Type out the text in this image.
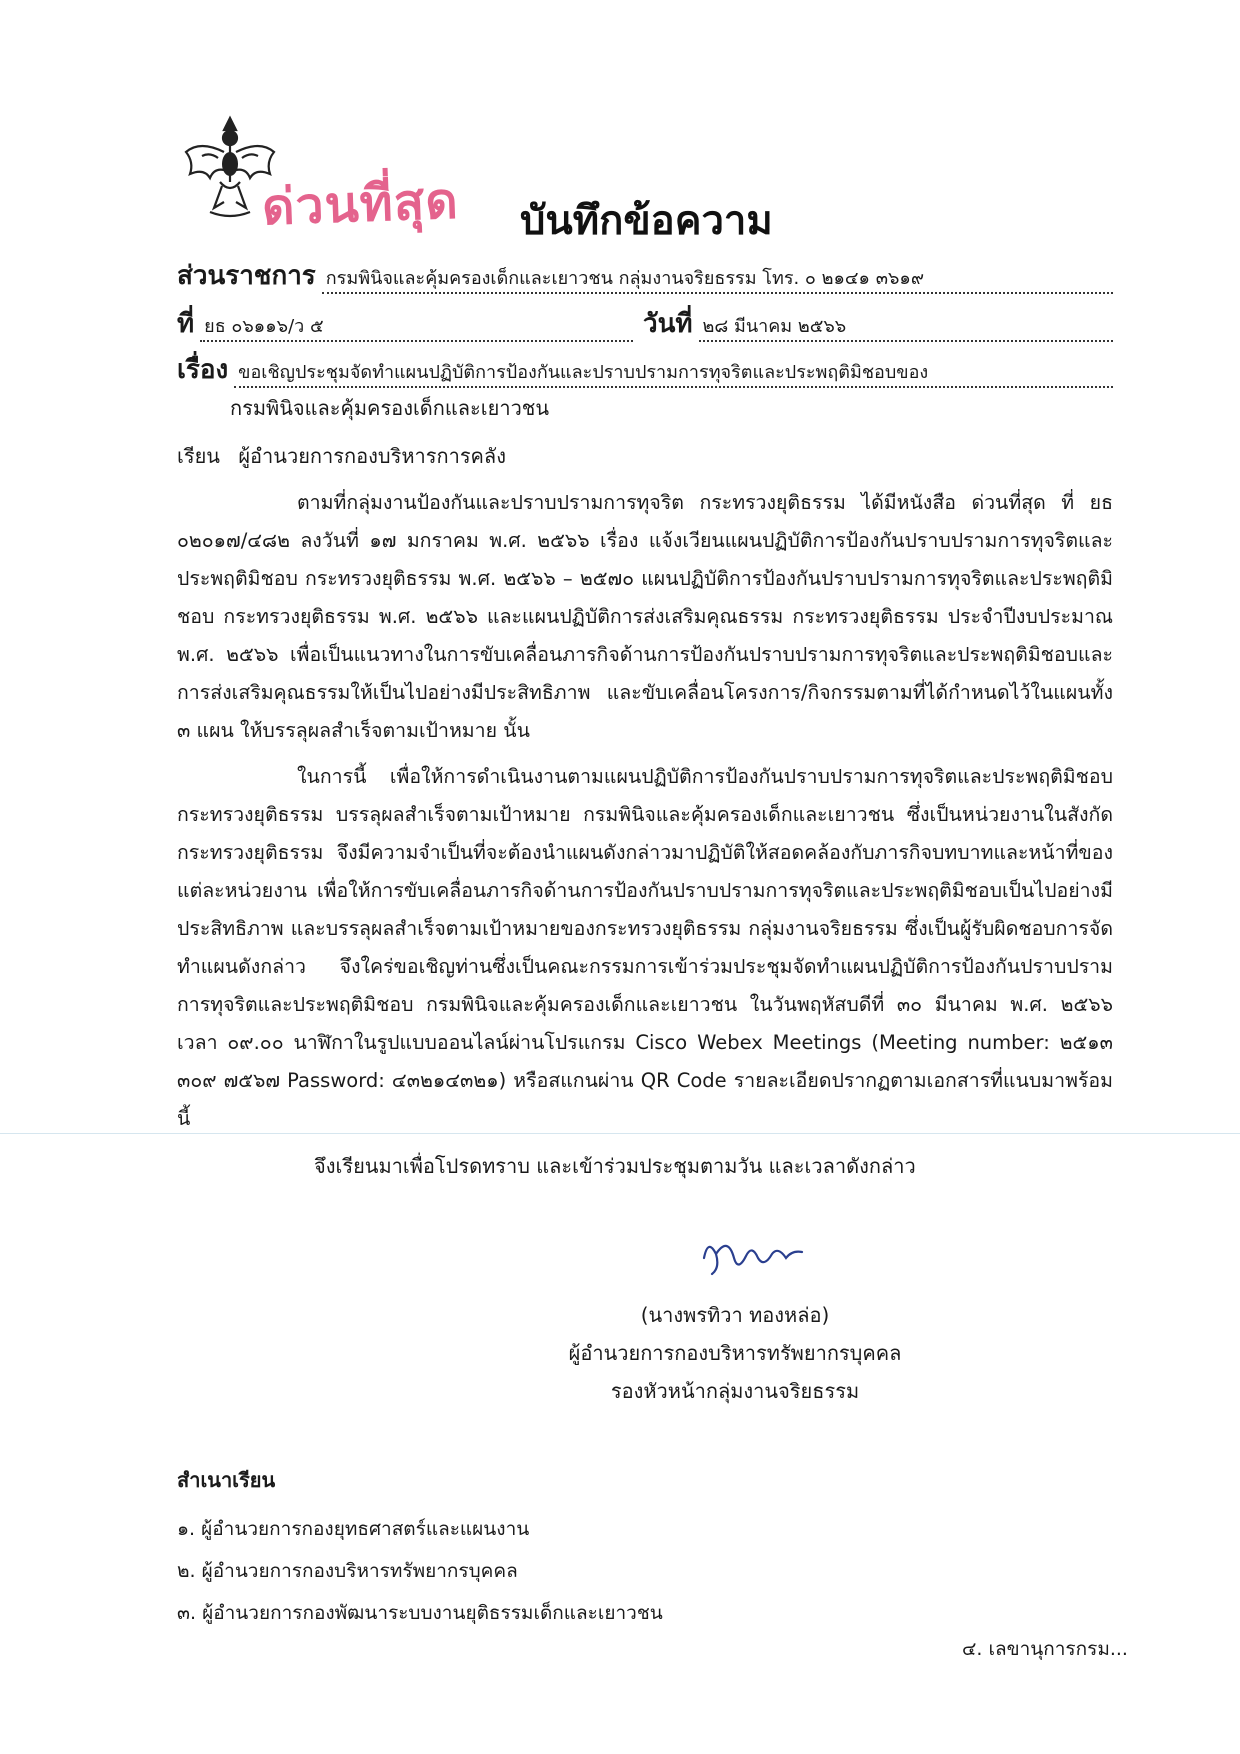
ด่วนที่สุด บันทึกข้อความ
ส่วนราชการ กรมพินิจและคุ้มครองเด็กและเยาวชน กลุ่มงานจริยธรรม โทร. ๐ ๒๑๔๑ ๓๖๑๙
ที่ ยธ ๐๖๑๑๖/ว ๕	วันที่ ๒๘ มีนาคม ๒๕๖๖
เรื่อง ขอเชิญประชุมจัดทำแผนปฏิบัติการป้องกันและปราบปรามการทุจริตและประพฤติมิชอบของ
กรมพินิจและคุ้มครองเด็กและเยาวชน
เรียน ผู้อำนวยการกองบริหารการคลัง

ตามที่กลุ่มงานป้องกันและปราบปรามการทุจริต กระทรวงยุติธรรม ได้มีหนังสือ ด่วนที่สุด ที่ ยธ ๐๒๐๑๗/๔๘๒ ลงวันที่ ๑๗ มกราคม พ.ศ. ๒๕๖๖ เรื่อง แจ้งเวียนแผนปฏิบัติการป้องกันปราบปรามการทุจริตและประพฤติมิชอบ กระทรวงยุติธรรม พ.ศ. ๒๕๖๖ – ๒๕๗๐ แผนปฏิบัติการป้องกันปราบปรามการทุจริตและประพฤติมิชอบ กระทรวงยุติธรรม พ.ศ. ๒๕๖๖ และแผนปฏิบัติการส่งเสริมคุณธรรม กระทรวงยุติธรรม ประจำปีงบประมาณ พ.ศ. ๒๕๖๖ เพื่อเป็นแนวทางในการขับเคลื่อนภารกิจด้านการป้องกันปราบปรามการทุจริตและประพฤติมิชอบและการส่งเสริมคุณธรรมให้เป็นไปอย่างมีประสิทธิภาพ และขับเคลื่อนโครงการ/กิจกรรมตามที่ได้กำหนดไว้ในแผนทั้ง ๓ แผน ให้บรรลุผลสำเร็จตามเป้าหมาย นั้น

ในการนี้ เพื่อให้การดำเนินงานตามแผนปฏิบัติการป้องกันปราบปรามการทุจริตและประพฤติมิชอบ กระทรวงยุติธรรม บรรลุผลสำเร็จตามเป้าหมาย กรมพินิจและคุ้มครองเด็กและเยาวชน ซึ่งเป็นหน่วยงานในสังกัดกระทรวงยุติธรรม จึงมีความจำเป็นที่จะต้องนำแผนดังกล่าวมาปฏิบัติให้สอดคล้องกับภารกิจบทบาทและหน้าที่ของแต่ละหน่วยงาน เพื่อให้การขับเคลื่อนภารกิจด้านการป้องกันปราบปรามการทุจริตและประพฤติมิชอบเป็นไปอย่างมีประสิทธิภาพ และบรรลุผลสำเร็จตามเป้าหมายของกระทรวงยุติธรรม กลุ่มงานจริยธรรม ซึ่งเป็นผู้รับผิดชอบการจัดทำแผนดังกล่าว จึงใคร่ขอเชิญท่านซึ่งเป็นคณะกรรมการเข้าร่วมประชุมจัดทำแผนปฏิบัติการป้องกันปราบปรามการทุจริตและประพฤติมิชอบ กรมพินิจและคุ้มครองเด็กและเยาวชน ในวันพฤหัสบดีที่ ๓๐ มีนาคม พ.ศ. ๒๕๖๖ เวลา ๐๙.๐๐ นาฬิกาในรูปแบบออนไลน์ผ่านโปรแกรม Cisco Webex Meetings (Meeting number: ๒๕๑๓ ๓๐๙ ๗๕๖๗ Password: ๔๓๒๑๔๓๒๑) หรือสแกนผ่าน QR Code รายละเอียดปรากฏตามเอกสารที่แนบมาพร้อมนี้

จึงเรียนมาเพื่อโปรดทราบ และเข้าร่วมประชุมตามวัน และเวลาดังกล่าว
(นางพรทิวา ทองหล่อ)
ผู้อำนวยการกองบริหารทรัพยากรบุคคล
รองหัวหน้ากลุ่มงานจริยธรรม
สำเนาเรียน
๑. ผู้อำนวยการกองยุทธศาสตร์และแผนงาน
๒. ผู้อำนวยการกองบริหารทรัพยากรบุคคล
๓. ผู้อำนวยการกองพัฒนาระบบงานยุติธรรมเด็กและเยาวชน
๔. เลขานุการกรม...
